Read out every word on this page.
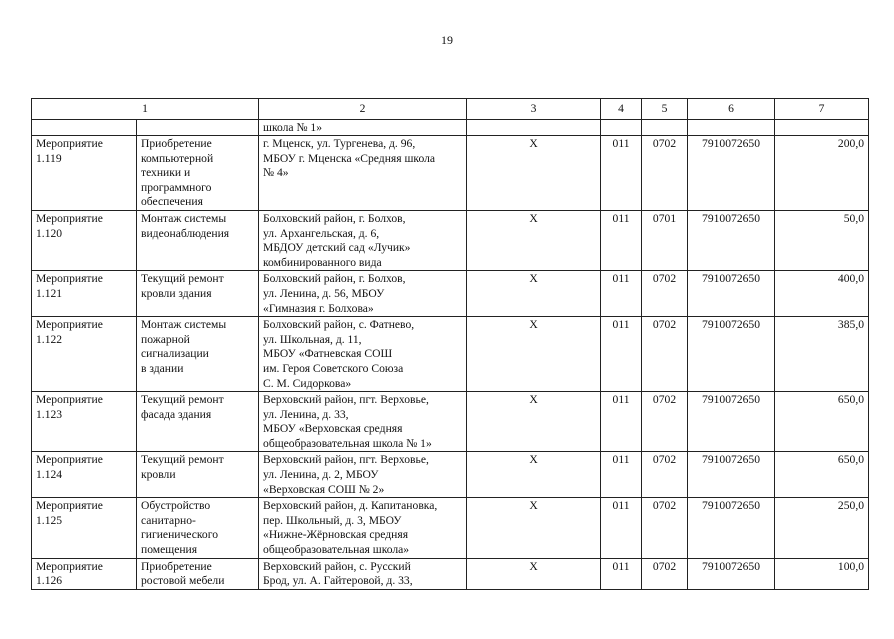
19
1		2	3	4	5	6	7

		школа № 1»					

Мероприятие
1.119	Приобретение
компьютерной
техники и
программного
обеспечения	г. Мценск, ул. Тургенева, д. 96,
МБОУ г. Мценска «Средняя школа
№ 4»	Х	011	0702	7910072650	200,0

Мероприятие
1.120	Монтаж системы
видеонаблюдения	Болховский район, г. Болхов,
ул. Архангельская, д. 6,
МБДОУ детский сад «Лучик»
комбинированного вида	Х	011	0701	7910072650	50,0

Мероприятие
1.121	Текущий ремонт
кровли здания	Болховский район, г. Болхов,
ул. Ленина, д. 56, МБОУ
«Гимназия г. Болхова»	Х	011	0702	7910072650	400,0

Мероприятие
1.122	Монтаж системы
пожарной
сигнализации
в здании	Болховский район, с. Фатнево,
ул. Школьная, д. 11,
МБОУ «Фатневская СОШ
им. Героя Советского Союза
С. М. Сидоркова»	Х	011	0702	7910072650	385,0

Мероприятие
1.123	Текущий ремонт
фасада здания	Верховский район, пгт. Верховье,
ул. Ленина, д. 33,
МБОУ «Верховская средняя
общеобразовательная школа № 1»	Х	011	0702	7910072650	650,0

Мероприятие
1.124	Текущий ремонт
кровли	Верховский район, пгт. Верховье,
ул. Ленина, д. 2, МБОУ
«Верховская СОШ № 2»	Х	011	0702	7910072650	650,0

Мероприятие
1.125	Обустройство
санитарно-
гигиенического
помещения	Верховский район, д. Капитановка,
пер. Школьный, д. 3, МБОУ
«Нижне-Жёрновская средняя
общеобразовательная школа»	Х	011	0702	7910072650	250,0

Мероприятие
1.126	Приобретение
ростовой мебели	Верховский район, с. Русский
Брод, ул. А. Гайтеровой, д. 33,	Х	011	0702	7910072650	100,0
